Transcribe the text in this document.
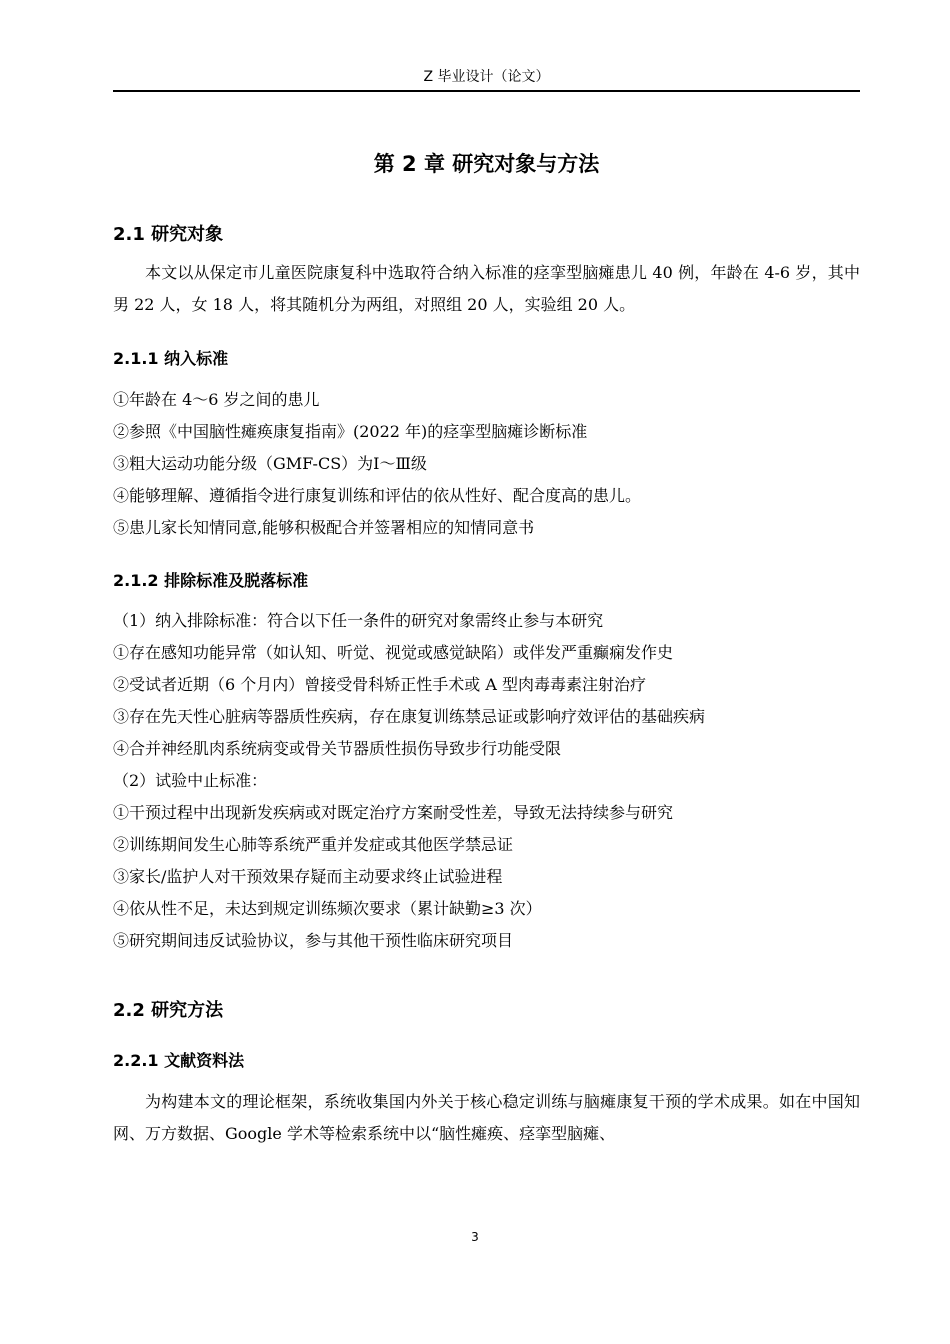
Z 毕业设计（论文）
第 2 章 研究对象与方法
2.1 研究对象

本文以从保定市儿童医院康复科中选取符合纳入标准的痉挛型脑瘫患儿 40 例，年龄在 4-6 岁，其中男 22 人，女 18 人，将其随机分为两组，对照组 20 人，实验组 20 人。

2.1.1 纳入标准
①年龄在 4～6 岁之间的患儿
②参照《中国脑性瘫痪康复指南》(2022 年)的痉挛型脑瘫诊断标准
③粗大运动功能分级（GMF-CS）为Ⅰ～Ⅲ级
④能够理解、遵循指令进行康复训练和评估的依从性好、配合度高的患儿。
⑤患儿家长知情同意,能够积极配合并签署相应的知情同意书
2.1.2 排除标准及脱落标准
（1）纳入排除标准：符合以下任一条件的研究对象需终止参与本研究
①存在感知功能异常（如认知、听觉、视觉或感觉缺陷）或伴发严重癫痫发作史
②受试者近期（6 个月内）曾接受骨科矫正性手术或 A 型肉毒毒素注射治疗
③存在先天性心脏病等器质性疾病，存在康复训练禁忌证或影响疗效评估的基础疾病
④合并神经肌肉系统病变或骨关节器质性损伤导致步行功能受限
（2）试验中止标准：
①干预过程中出现新发疾病或对既定治疗方案耐受性差，导致无法持续参与研究
②训练期间发生心肺等系统严重并发症或其他医学禁忌证
③家长/监护人对干预效果存疑而主动要求终止试验进程
④依从性不足，未达到规定训练频次要求（累计缺勤≥3 次）
⑤研究期间违反试验协议，参与其他干预性临床研究项目
2.2 研究方法
2.2.1 文献资料法

为构建本文的理论框架，系统收集国内外关于核心稳定训练与脑瘫康复干预的学术成果。如在中国知网、万方数据、Google 学术等检索系统中以“脑性瘫痪、痉挛型脑瘫、

3
